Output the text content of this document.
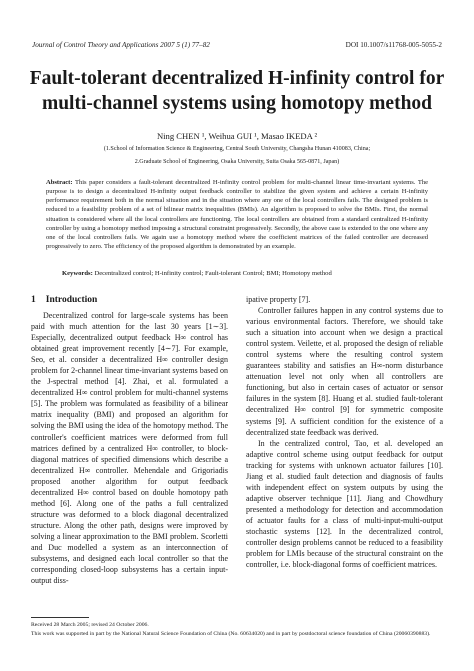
Journal of Control Theory and Applications 2007 5 (1) 77–82	DOI 10.1007/s11768-005-5055-2
Fault-tolerant decentralized H-infinity control for
multi-channel systems using homotopy method
Ning CHEN ¹, Weihua GUI ¹, Masao IKEDA ²
(1.School of Information Science & Engineering, Central South University, Changsha Hunan 410083, China;
2.Graduate School of Engineering, Osaka University, Suita Osaka 565-0871, Japan)
Abstract: This paper considers a fault-tolerant decentralized H-infinity control problem for multi-channel linear time-invariant systems. The purpose is to design a decentralized H-infinity output feedback controller to stabilize the given system and achieve a certain H-infinity performance requirement both in the normal situation and in the situation where any one of the local controllers fails. The designed problem is reduced to a feasibility problem of a set of bilinear matrix inequalities (BMIs). An algorithm is proposed to solve the BMIs. First, the normal situation is considered where all the local controllers are functioning. The local controllers are obtained from a standard centralized H-infinity controller by using a homotopy method imposing a structural constraint progressively. Secondly, the above case is extended to the one where any one of the local controllers fails. We again use a homotopy method where the coefficient matrices of the failed controller are decreased progressively to zero. The efficiency of the proposed algorithm is demonstrated by an example.
Keywords: Decentralized control; H-infinity control; Fault-tolerant Control; BMI; Homotopy method
1 Introduction

Decentralized control for large-scale systems has been paid with much attention for the last 30 years [1∼3]. Especially, decentralized output feedback H∞ control has obtained great improvement recently [4∼7]. For example, Seo, et al. consider a decentralized H∞ controller design problem for 2-channel linear time-invariant systems based on the J-spectral method [4]. Zhai, et al. formulated a decentralized H∞ control problem for multi-channel systems [5]. The problem was formulated as feasibility of a bilinear matrix inequality (BMI) and proposed an algorithm for solving the BMI using the idea of the homotopy method. The controller's coefficient matrices were deformed from full matrices defined by a centralized H∞ controller, to block-diagonal matrices of specified dimensions which describe a decentralized H∞ controller. Mehendale and Grigoriadis proposed another algorithm for output feedback decentralized H∞ control based on double homotopy path method [6]. Along one of the paths a full centralized structure was deformed to a block diagonal decentralized structure. Along the other path, designs were improved by solving a linear approximation to the BMI problem. Scorletti and Duc modelled a system as an interconnection of subsystems, and designed each local controller so that the corresponding closed-loop subsystems has a certain input-output diss-

ipative property [7].

Controller failures happen in any control systems due to various environmental factors. Therefore, we should take such a situation into account when we design a practical control system. Veilette, et al. proposed the design of reliable control systems where the resulting control system guarantees stability and satisfies an H∞-norm disturbance attenuation level not only when all controllers are functioning, but also in certain cases of actuator or sensor failures in the system [8]. Huang et al. studied fault-tolerant decentralized H∞ control [9] for symmetric composite systems [9]. A sufficient condition for the existence of a decentralized state feedback was derived.

In the centralized control, Tao, et al. developed an adaptive control scheme using output feedback for output tracking for systems with unknown actuator failures [10]. Jiang et al. studied fault detection and diagnosis of faults with independent effect on system outputs by using the adaptive observer technique [11]. Jiang and Chowdhury presented a methodology for detection and accommodation of actuator faults for a class of multi-input-multi-output stochastic systems [12]. In the decentralized control, controller design problems cannot be reduced to a feasibility problem for LMIs because of the structural constraint on the controller, i.e. block-diagonal forms of coefficient matrices.

Received 28 March 2005; revised 24 October 2006.
This work was supported in part by the National Natural Science Foundation of China (No. 60634020) and in part by postdoctoral science foundation of China (20060390883).
